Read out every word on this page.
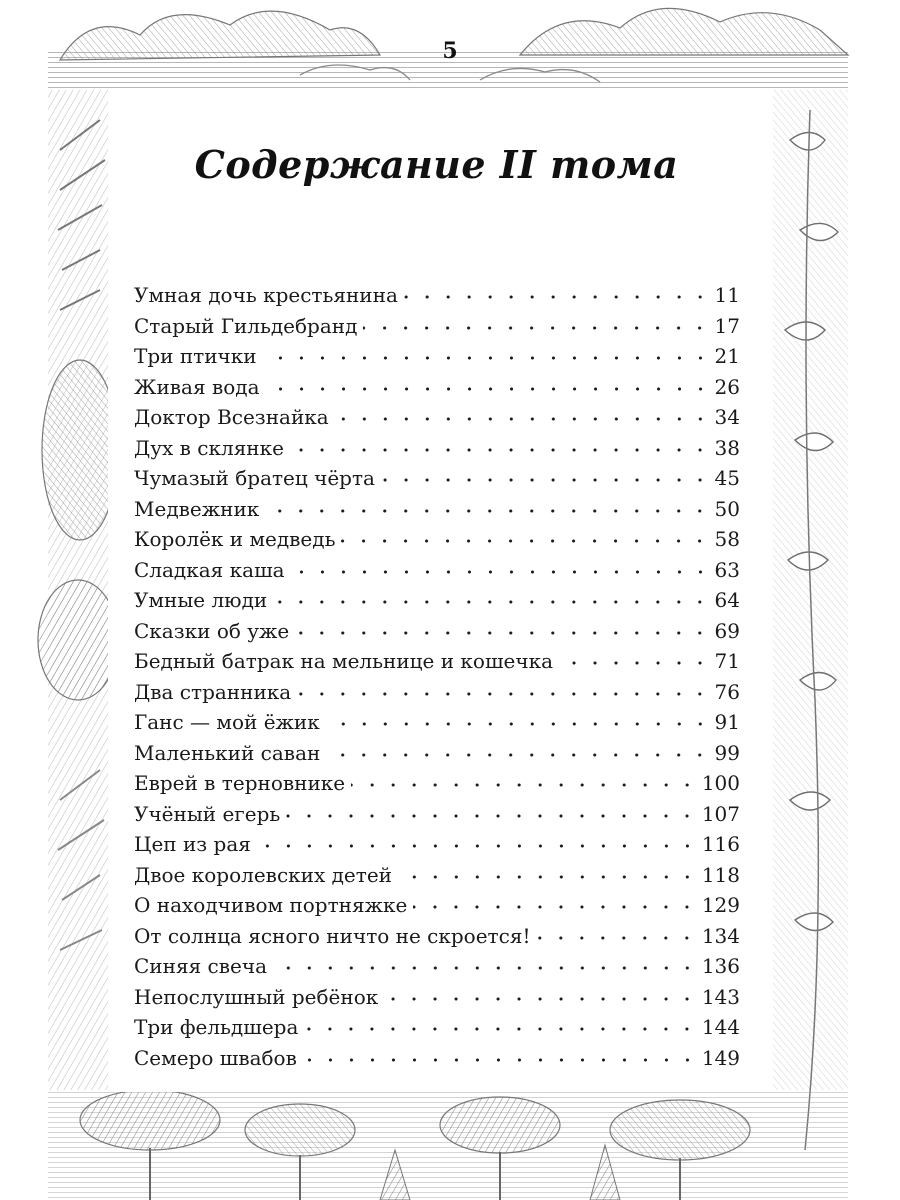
5
Содержание II тома
Умная дочь крестьянина	11
Старый Гильдебранд	17
Три птички	21
Живая вода	26
Доктор Всезнайка	34
Дух в склянке	38
Чумазый братец чёрта	45
Медвежник	50
Королёк и медведь	58
Сладкая каша	63
Умные люди	64
Сказки об уже	69
Бедный батрак на мельнице и кошечка	71
Два странника	76
Ганс — мой ёжик	91
Маленький саван	99
Еврей в терновнике	100
Учёный егерь	107
Цеп из рая	116
Двое королевских детей	118
О находчивом портняжке	129
От солнца ясного ничто не скроется!	134
Синяя свеча	136
Непослушный ребёнок	143
Три фельдшера	144
Семеро швабов	149
